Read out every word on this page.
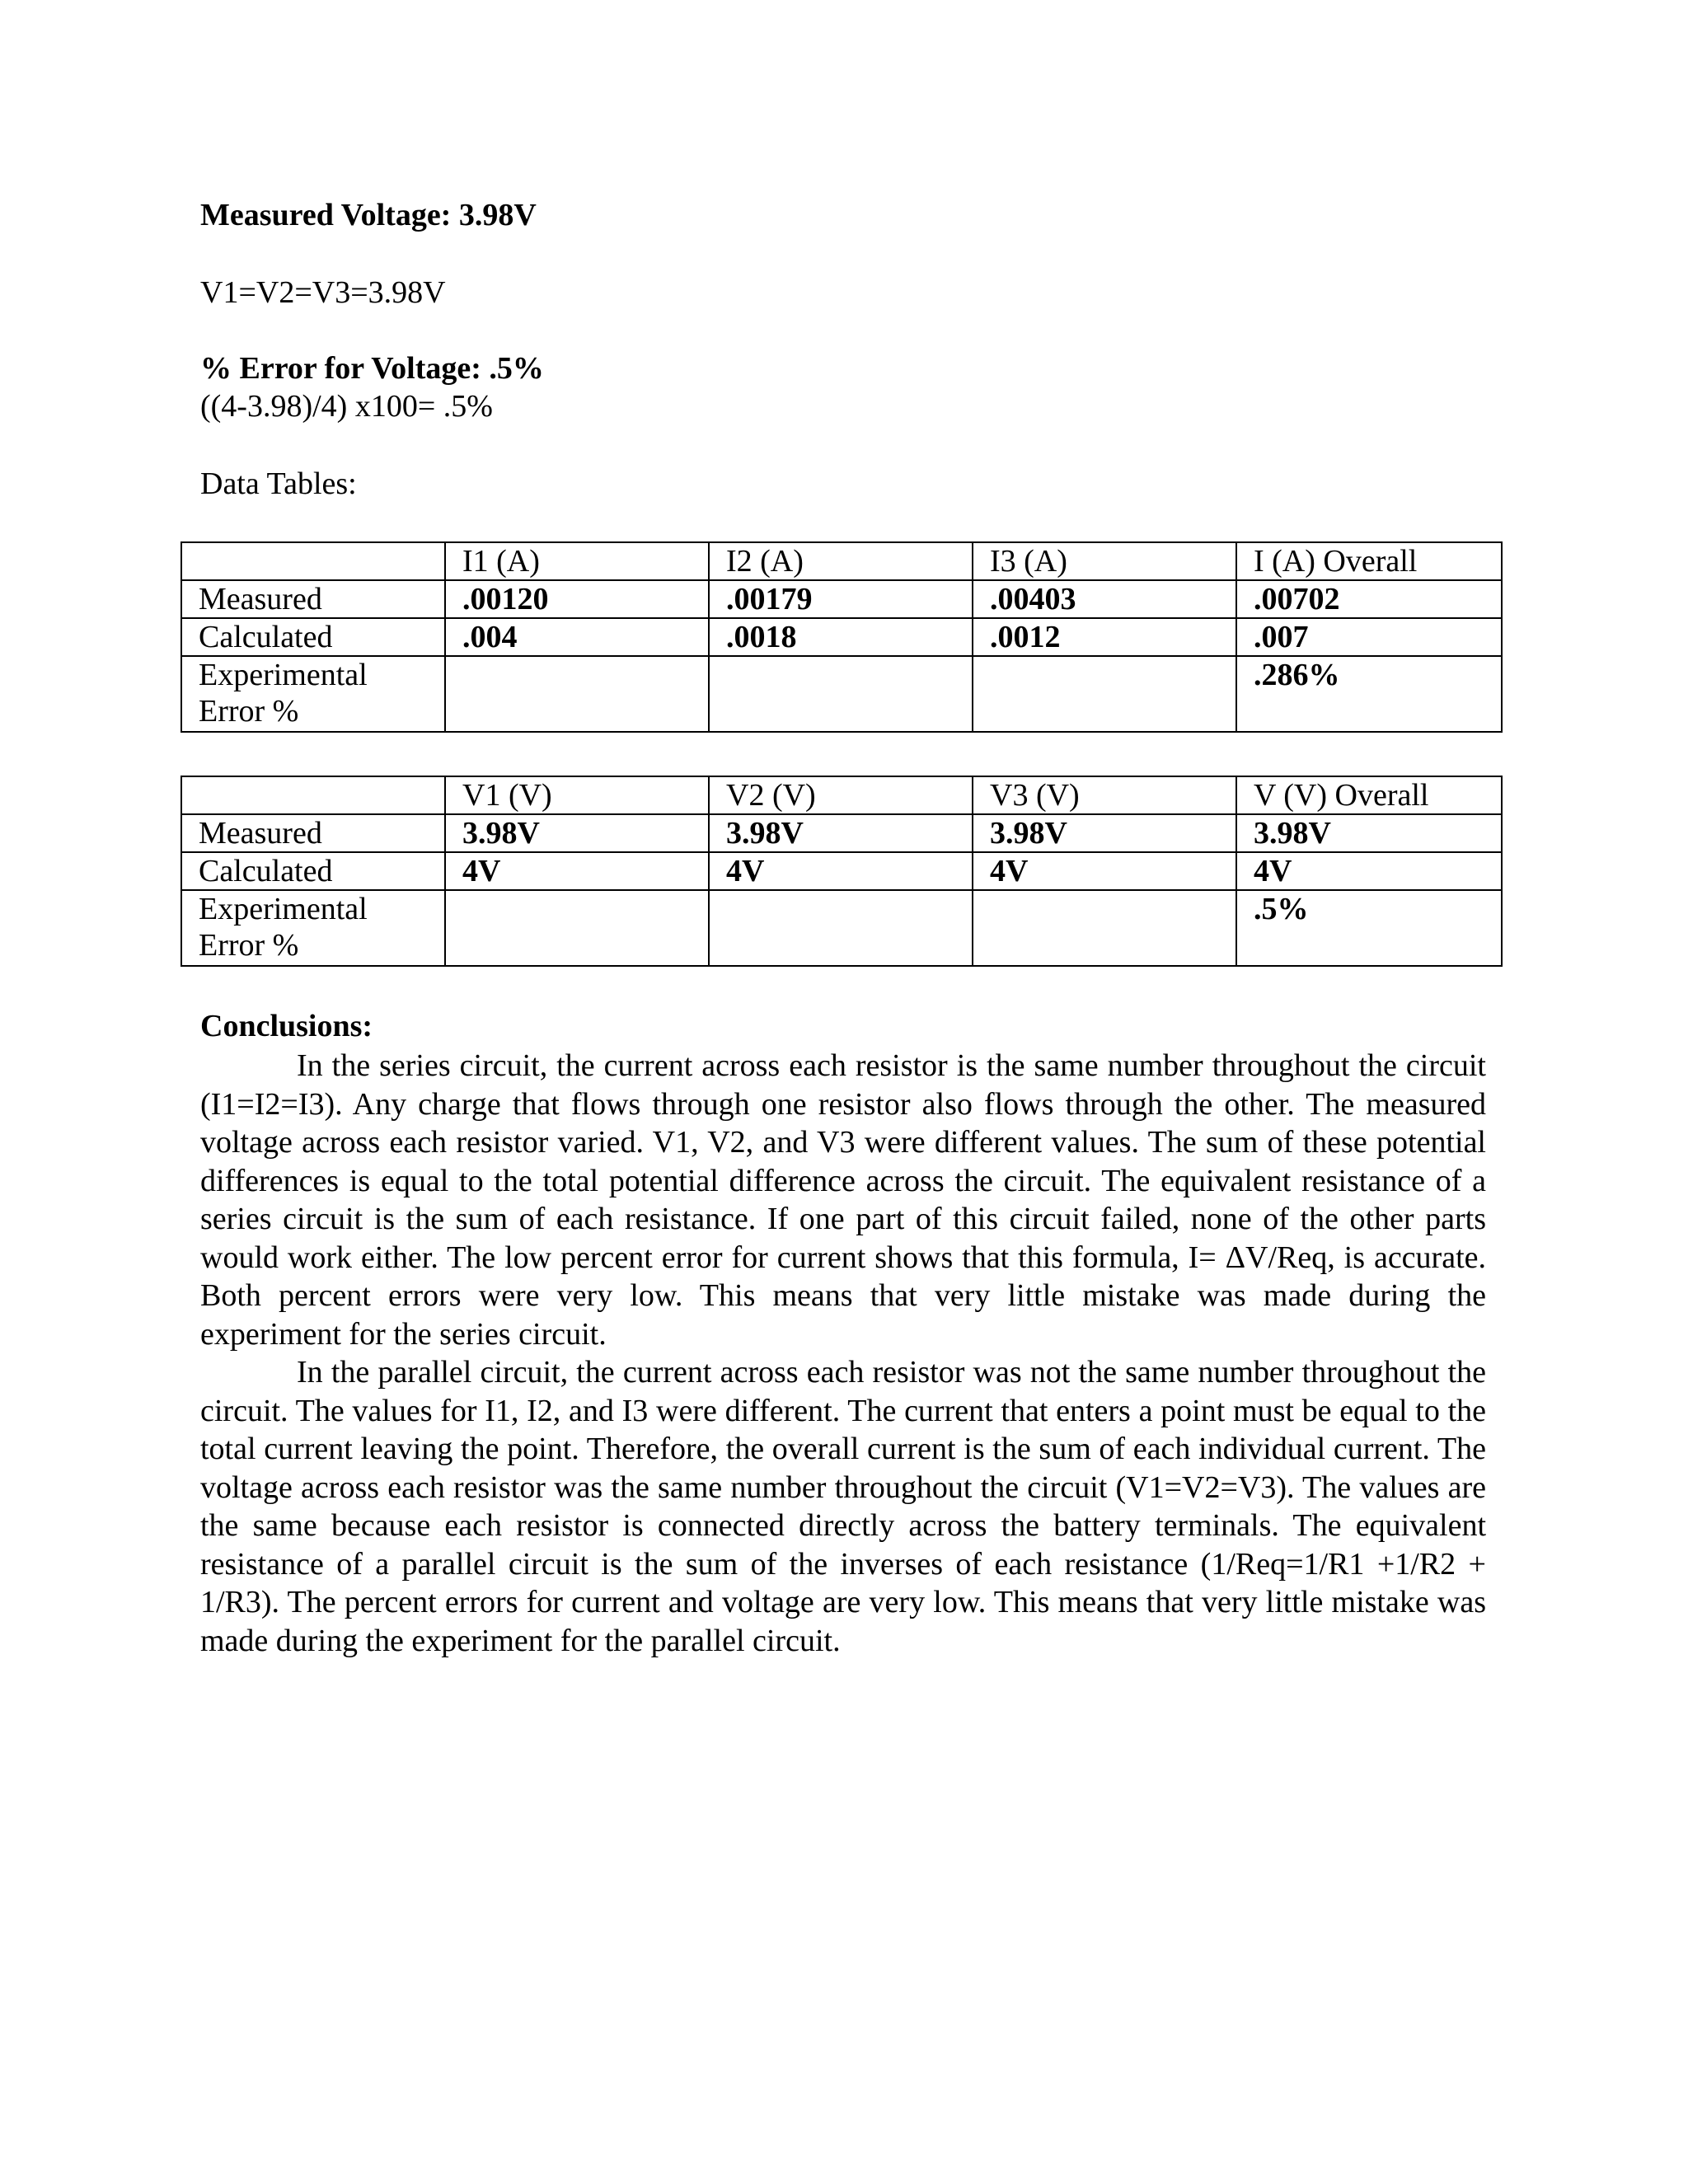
Measured Voltage: 3.98V
V1=V2=V3=3.98V
% Error for Voltage: .5%
((4-3.98)/4) x100= .5%
Data Tables:
	I1 (A)	I2 (A)	I3 (A)	I (A) Overall
Measured	.00120	.00179	.00403	.00702
Calculated	.004	.0018	.0012	.007
Experimental Error %				.286%
	V1 (V)	V2 (V)	V3 (V)	V (V) Overall
Measured	3.98V	3.98V	3.98V	3.98V
Calculated	4V	4V	4V	4V
Experimental Error %				.5%
Conclusions:

In the series circuit, the current across each resistor is the same number throughout the circuit (I1=I2=I3). Any charge that flows through one resistor also flows through the other. The measured voltage across each resistor varied. V1, V2, and V3 were different values. The sum of these potential differences is equal to the total potential difference across the circuit. The equivalent resistance of a series circuit is the sum of each resistance. If one part of this circuit failed, none of the other parts would work either. The low percent error for current shows that this formula, I= ΔV/Req, is accurate. Both percent errors were very low. This means that very little mistake was made during the experiment for the series circuit.

In the parallel circuit, the current across each resistor was not the same number throughout the circuit. The values for I1, I2, and I3 were different. The current that enters a point must be equal to the total current leaving the point. Therefore, the overall current is the sum of each individual current. The voltage across each resistor was the same number throughout the circuit (V1=V2=V3). The values are the same because each resistor is connected directly across the battery terminals. The equivalent resistance of a parallel circuit is the sum of the inverses of each resistance (1/Req=1/R1 +1/R2 + 1/R3). The percent errors for current and voltage are very low. This means that very little mistake was made during the experiment for the parallel circuit.
